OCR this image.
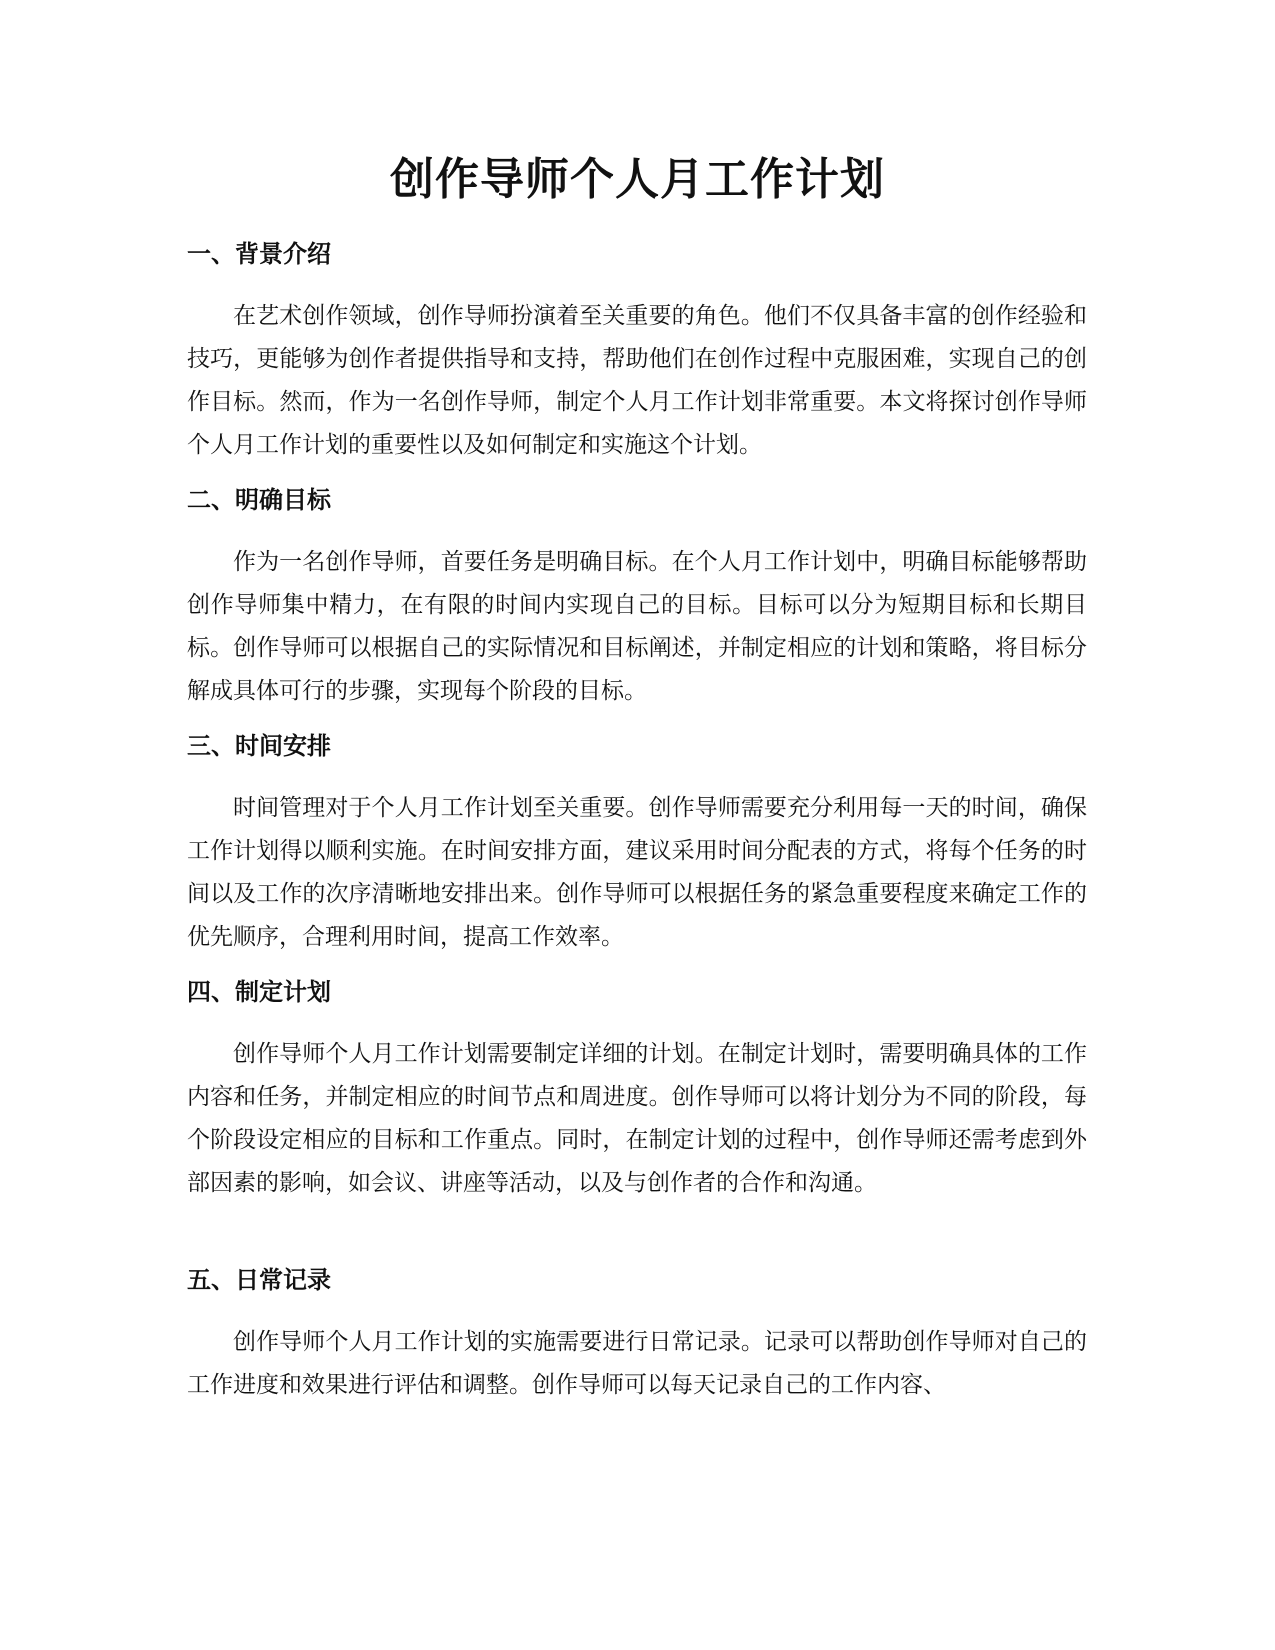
创作导师个人月工作计划
一、背景介绍

在艺术创作领域，创作导师扮演着至关重要的角色。他们不仅具备丰富的创作经验和技巧，更能够为创作者提供指导和支持，帮助他们在创作过程中克服困难，实现自己的创作目标。然而，作为一名创作导师，制定个人月工作计划非常重要。本文将探讨创作导师个人月工作计划的重要性以及如何制定和实施这个计划。

二、明确目标

作为一名创作导师，首要任务是明确目标。在个人月工作计划中，明确目标能够帮助创作导师集中精力，在有限的时间内实现自己的目标。目标可以分为短期目标和长期目标。创作导师可以根据自己的实际情况和目标阐述，并制定相应的计划和策略，将目标分解成具体可行的步骤，实现每个阶段的目标。

三、时间安排

时间管理对于个人月工作计划至关重要。创作导师需要充分利用每一天的时间，确保工作计划得以顺利实施。在时间安排方面，建议采用时间分配表的方式，将每个任务的时间以及工作的次序清晰地安排出来。创作导师可以根据任务的紧急重要程度来确定工作的优先顺序，合理利用时间，提高工作效率。

四、制定计划

创作导师个人月工作计划需要制定详细的计划。在制定计划时，需要明确具体的工作内容和任务，并制定相应的时间节点和周进度。创作导师可以将计划分为不同的阶段，每个阶段设定相应的目标和工作重点。同时，在制定计划的过程中，创作导师还需考虑到外部因素的影响，如会议、讲座等活动，以及与创作者的合作和沟通。

五、日常记录

创作导师个人月工作计划的实施需要进行日常记录。记录可以帮助创作导师对自己的工作进度和效果进行评估和调整。创作导师可以每天记录自己的工作内容、
